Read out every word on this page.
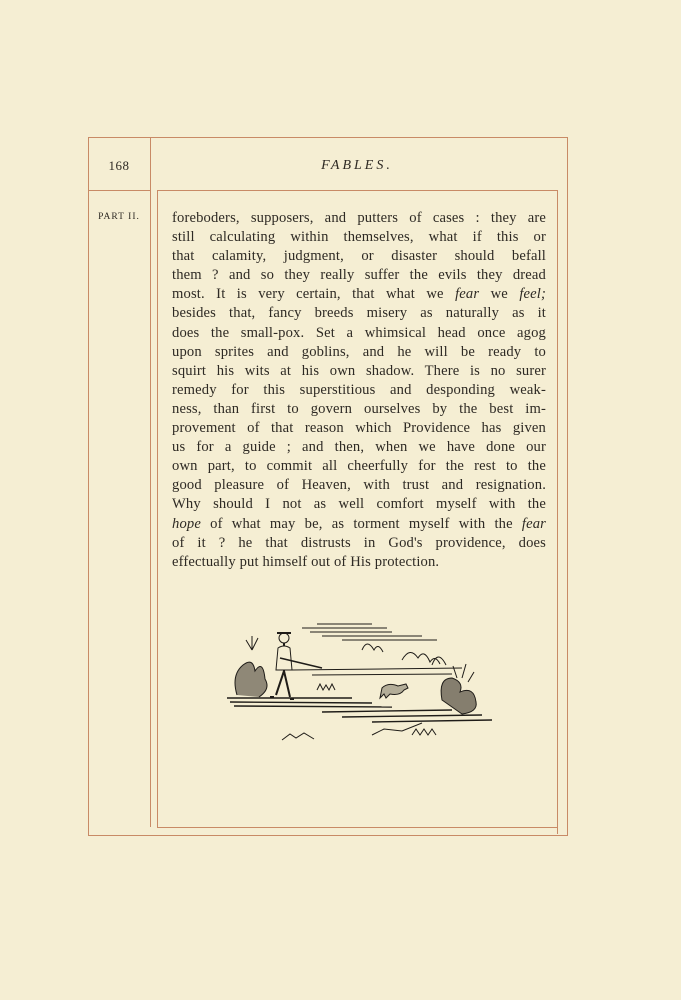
168	FABLES.
PART II.	foreboders, supposers, and putters of cases : they are
still calculating within themselves, what if this or
that calamity, judgment, or disaster should befall
them ? and so they really suffer the evils they dread
most. It is very certain, that what we fear we feel;
besides that, fancy breeds misery as naturally as it
does the small-pox. Set a whimsical head once agog
upon sprites and goblins, and he will be ready to
squirt his wits at his own shadow. There is no surer
remedy for this superstitious and desponding weak-
ness, than first to govern ourselves by the best im-
provement of that reason which Providence has given
us for a guide ; and then, when we have done our
own part, to commit all cheerfully for the rest to the
good pleasure of Heaven, with trust and resignation.
Why should I not as well comfort myself with the
hope of what may be, as torment myself with the fear
of it ? he that distrusts in God's providence, does
effectually put himself out of His protection.
